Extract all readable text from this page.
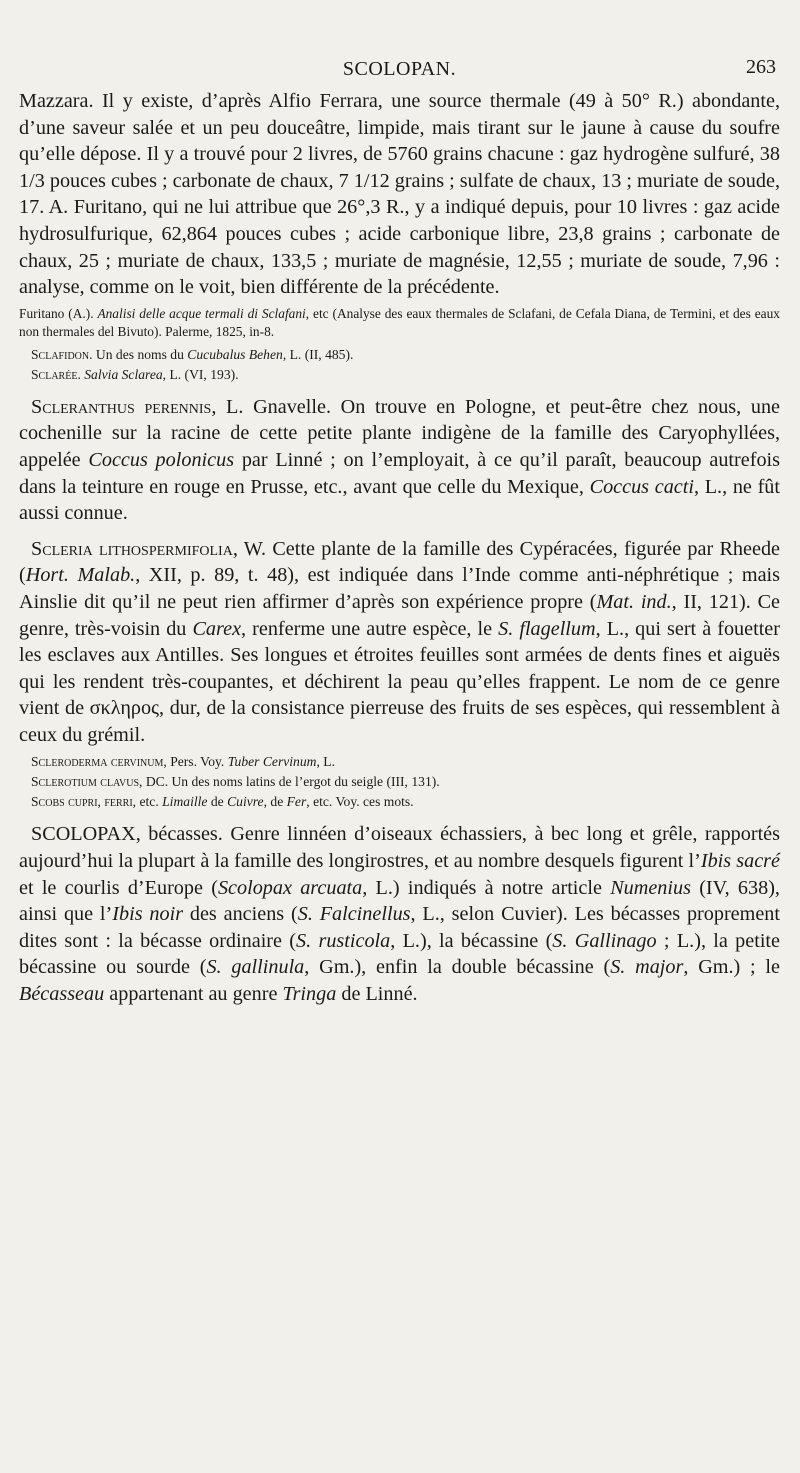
SCOLOPAN.	263

Mazzara. Il y existe, d’après Alfio Ferrara, une source thermale (49 à 50° R.) abondante, d’une saveur salée et un peu douceâtre, limpide, mais tirant sur le jaune à cause du soufre qu’elle dépose. Il y a trouvé pour 2 livres, de 5760 grains chacune : gaz hydrogène sulfuré, 38 1/3 pouces cubes ; carbonate de chaux, 7 1/12 grains ; sulfate de chaux, 13 ; muriate de soude, 17. A. Furitano, qui ne lui attribue que 26°,3 R., y a indiqué depuis, pour 10 livres : gaz acide hydrosulfurique, 62,864 pouces cubes ; acide carbonique libre, 23,8 grains ; carbonate de chaux, 25 ; muriate de chaux, 133,5 ; muriate de magnésie, 12,55 ; muriate de soude, 7,96 : analyse, comme on le voit, bien différente de la précédente.

Furitano (A.). Analisi delle acque termali di Sclafani, etc (Analyse des eaux thermales de Sclafani, de Cefala Diana, de Termini, et des eaux non thermales del Bivuto). Palerme, 1825, in-8.

Sclafidon. Un des noms du Cucubalus Behen, L. (II, 485).

Sclarée. Salvia Sclarea, L. (VI, 193).

Scleranthus perennis, L. Gnavelle. On trouve en Pologne, et peut-être chez nous, une cochenille sur la racine de cette petite plante indigène de la famille des Caryophyllées, appelée Coccus polonicus par Linné ; on l’employait, à ce qu’il paraît, beaucoup autrefois dans la teinture en rouge en Prusse, etc., avant que celle du Mexique, Coccus cacti, L., ne fût aussi connue.

Scleria lithospermifolia, W. Cette plante de la famille des Cypéracées, figurée par Rheede (Hort. Malab., XII, p. 89, t. 48), est indiquée dans l’Inde comme anti-néphrétique ; mais Ainslie dit qu’il ne peut rien affirmer d’après son expérience propre (Mat. ind., II, 121). Ce genre, très-voisin du Carex, renferme une autre espèce, le S. flagellum, L., qui sert à fouetter les esclaves aux Antilles. Ses longues et étroites feuilles sont armées de dents fines et aiguës qui les rendent très-coupantes, et déchirent la peau qu’elles frappent. Le nom de ce genre vient de σκληρος, dur, de la consistance pierreuse des fruits de ses espèces, qui ressemblent à ceux du grémil.

Scleroderma cervinum, Pers. Voy. Tuber Cervinum, L.

Sclerotium clavus, DC. Un des noms latins de l’ergot du seigle (III, 131).

Scobs cupri, ferri, etc. Limaille de Cuivre, de Fer, etc. Voy. ces mots.

SCOLOPAX, bécasses. Genre linnéen d’oiseaux échassiers, à bec long et grêle, rapportés aujourd’hui la plupart à la famille des longirostres, et au nombre desquels figurent l’Ibis sacré et le courlis d’Europe (Scolopax arcuata, L.) indiqués à notre article Numenius (IV, 638), ainsi que l’Ibis noir des anciens (S. Falcinellus, L., selon Cuvier). Les bécasses proprement dites sont : la bécasse ordinaire (S. rusticola, L.), la bécassine (S. Gallinago ; L.), la petite bécassine ou sourde (S. gallinula, Gm.), enfin la double bécassine (S. major, Gm.) ; le Bécasseau appartenant au genre Tringa de Linné.
